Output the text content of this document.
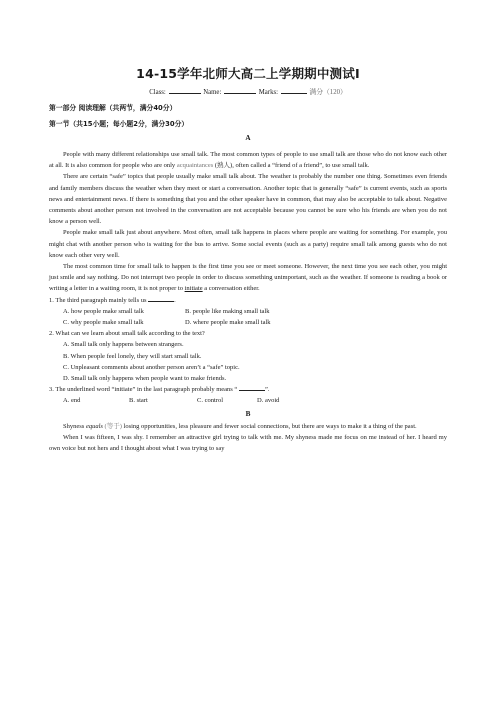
14-15学年北师大高二上学期期中测试Ⅰ
Class:	Name:	Marks:	满分（120）
第一部分 阅读理解（共两节，满分40分）
第一节（共15小题；每小题2分，满分30分）
A

People with many different relationships use small talk. The most common types of people to use small talk are those who do not know each other at all. It is also common for people who are only acquaintances (熟人), often called a “friend of a friend”, to use small talk.

There are certain “safe” topics that people usually make small talk about. The weather is probably the number one thing. Sometimes even friends and family members discuss the weather when they meet or start a conversation. Another topic that is generally “safe” is current events, such as sports news and entertainment news. If there is something that you and the other speaker have in common, that may also be acceptable to talk about. Negative comments about another person not involved in the conversation are not acceptable because you cannot be sure who his friends are when you do not know a person well.

People make small talk just about anywhere. Most often, small talk happens in places where people are waiting for something. For example, you might chat with another person who is waiting for the bus to arrive. Some social events (such as a party) require small talk among guests who do not know each other very well.

The most common time for small talk to happen is the first time you see or meet someone. However, the next time you see each other, you might just smile and say nothing. Do not interrupt two people in order to discuss something unimportant, such as the weather. If someone is reading a book or writing a letter in a waiting room, it is not proper to initiate a conversation either.

1. The third paragraph mainly tells us	.

A. how people make small talk	B. people like making small talk

C. why people make small talk	D. where people make small talk

2. What can we learn about small talk according to the text?

A. Small talk only happens between strangers.

B. When people feel lonely, they will start small talk.

C. Unpleasant comments about another person aren’t a “safe” topic.

D. Small talk only happens when people want to make friends.

3. The underlined word “initiate” in the last paragraph probably means “	”.

A. end	B. start	C. control	D. avoid

B

Shyness equals (等于) losing opportunities, less pleasure and fewer social connections, but there are ways to make it a thing of the past.

When I was fifteen, I was shy. I remember an attractive girl trying to talk with me. My shyness made me focus on me instead of her. I heard my own voice but not hers and I thought about what I was trying to say
